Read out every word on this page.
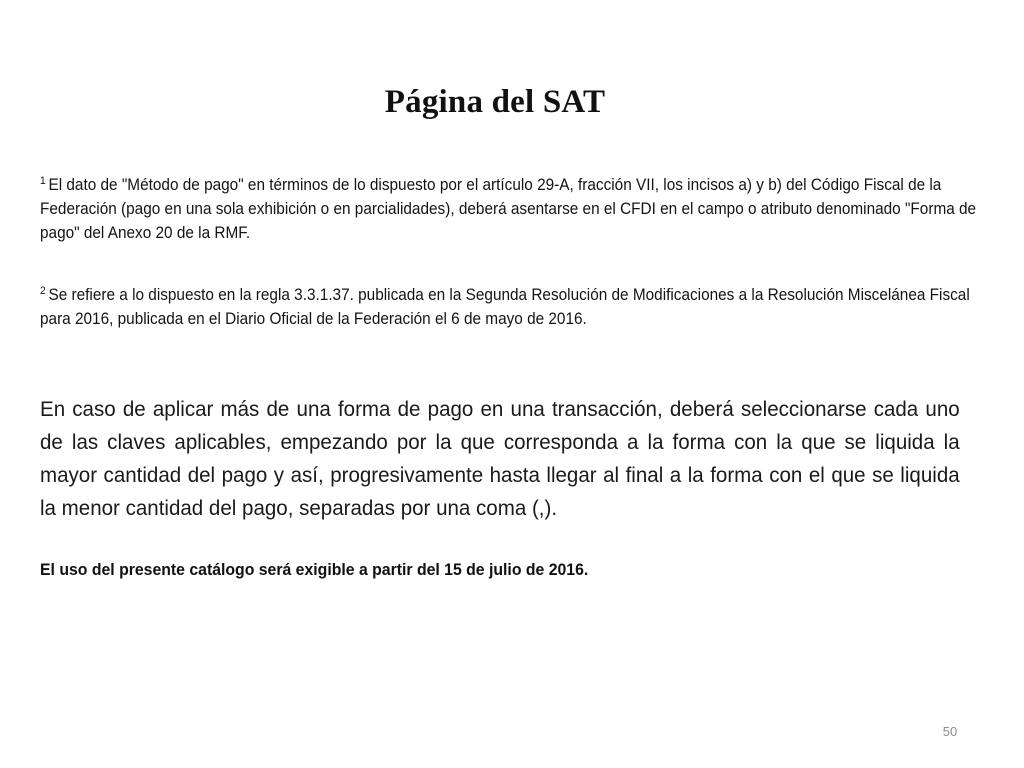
Página del SAT
$^1$ El dato de "Método de pago" en términos de lo dispuesto por el artículo 29-A, fracción VII, los incisos a) y b) del Código Fiscal de la Federación (pago en una sola exhibición o en parcialidades), deberá asentarse en el CFDI en el campo o atributo denominado "Forma de pago" del Anexo 20 de la RMF.
$^2$ Se refiere a lo dispuesto en la regla 3.3.1.37. publicada en la Segunda Resolución de Modificaciones a la Resolución Miscelánea Fiscal para 2016, publicada en el Diario Oficial de la Federación el 6 de mayo de 2016.
En caso de aplicar más de una forma de pago en una transacción, deberá seleccionarse cada uno de las claves aplicables, empezando por la que corresponda a la forma con la que se liquida la mayor cantidad del pago y así, progresivamente hasta llegar al final a la forma con el que se liquida la menor cantidad del pago, separadas por una coma (,).
El uso del presente catálogo será exigible a partir del 15 de julio de 2016.
50
